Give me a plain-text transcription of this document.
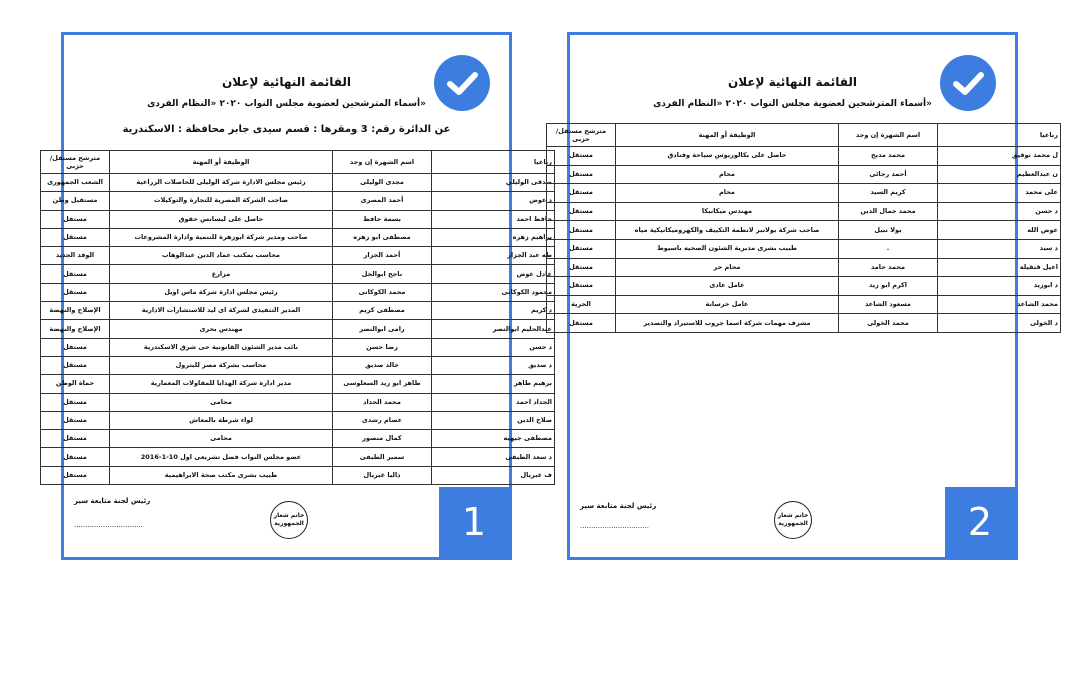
القائمة النهائية لإعلان
أسماء المترشحين لعضوية مجلس النواب ٢٠٢٠ «النظام الفردى»
عن الدائرة رقم: 3 ومقرها : قسم سيدى جابر محافظة : الاسكندرية
رباعيا	اسم الشهرة إن وجد	الوظيفة أو المهنة	مترشح مستقل/حزبى
صدقى الوليلي	مجدى الوليلى	رئيس مجلس الادارة شركة الوليلى للحاصلات الزراعية	الشعب الجمهورى
د عوض	أحمد المصرى	صاحب الشركة المصرية للتجارة والتوكيلات	مستقبل وطن
حافظ احمد	بسمة حافظ	حاصل على ليسانس حقوق	مستقل
براهيم زهره	مصطفى ابو زهره	صاحب ومدير شركة ابوزهرة للتنمية وادارة المشروعات	مستقل
طه عبد الجزار	أحمد الجزار	محاسب بمكتب عماد الدين عبدالوهاب	الوفد الجديد
عادل عوض	ناجح ابوالخل	مزارع	مستقل
محمود الكوكانى	محمد الكوكانى	رئيس مجلس ادارة شركة ماس اويل	مستقل
د كريم	مصطفى كريم	المدير التنفيذى لشركة اى ليد للاستشارات الادارية	الإصلاح والنهضة
عبدالحليم ابوالنصر	رامى ابوالنصر	مهندس بحرى	الإصلاح والنهضة
د حسن	رضا حسن	نائب مدير الشئون القانونية حى شرق الاسكندرية	مستقل
د صديق	خالد صديق	محاسب بشركة مصر للبترول	مستقل
برهيم طاهر	طاهر ابو زيد السعلوسى	مدير ادارة شركة الهدايا للمقاولات المعمارية	حماة الوطن
الحداد احمد	محمد الحداد	محامى	مستقل
صلاح الدين	عصام رشدى	لواء شرطة بالمعاش	مستقل
مصطفى جيهيه	كمال منصور	محامى	مستقل
د سعد الطيفى	سمير الطيفى	عضو مجلس النواب فصل تشريعى اول 10-1-2016	مستقل
ف غبريال	داليا غبريال	طبيب بشرى مكتب صحة الابراهيمية	مستقل
رئيس لجنة متابعة سير
...............................
خاتم شعار الجمهورية	1
القائمة النهائية لإعلان
أسماء المترشحين لعضوية مجلس النواب ٢٠٢٠ «النظام الفردى»
رباعيا	اسم الشهرة إن وجد	الوظيفة أو المهنة	مترشح مستقل/حزبى
ل محمد توفيق	محمد مديح	حاصل على بكالوريوس سياحة وفنادق	مستقل
ن عبدالعظيم	أحمد رجائى	محام	مستقل
على محمد	كريم السيد	محام	مستقل
د حسن	محمد جمال الدين	مهندس ميكانيكا	مستقل
عوض الله	بولا نبيل	صاحب شركة بولانبر لانظمة التكييف والكهروميكانيكية مياه	مستقل
د سيد	.	طبيب بشرى مديرية الشئون الصحيه باسيوط	مستقل
اعيل قنقيله	محمد حامد	محام حر	مستقل
د ابوزيد	اكرم ابو زيد	عامل عادى	مستقل
محمد الشاعد	مسعود الشاعد	عامل خرسانة	الحرية
د الخولى	محمد الخولى	مشرف مهمات شركة اسما جروب للاستيراد والتصدير	مستقل
رئيس لجنة متابعة سير
...............................
خاتم شعار الجمهورية	2
